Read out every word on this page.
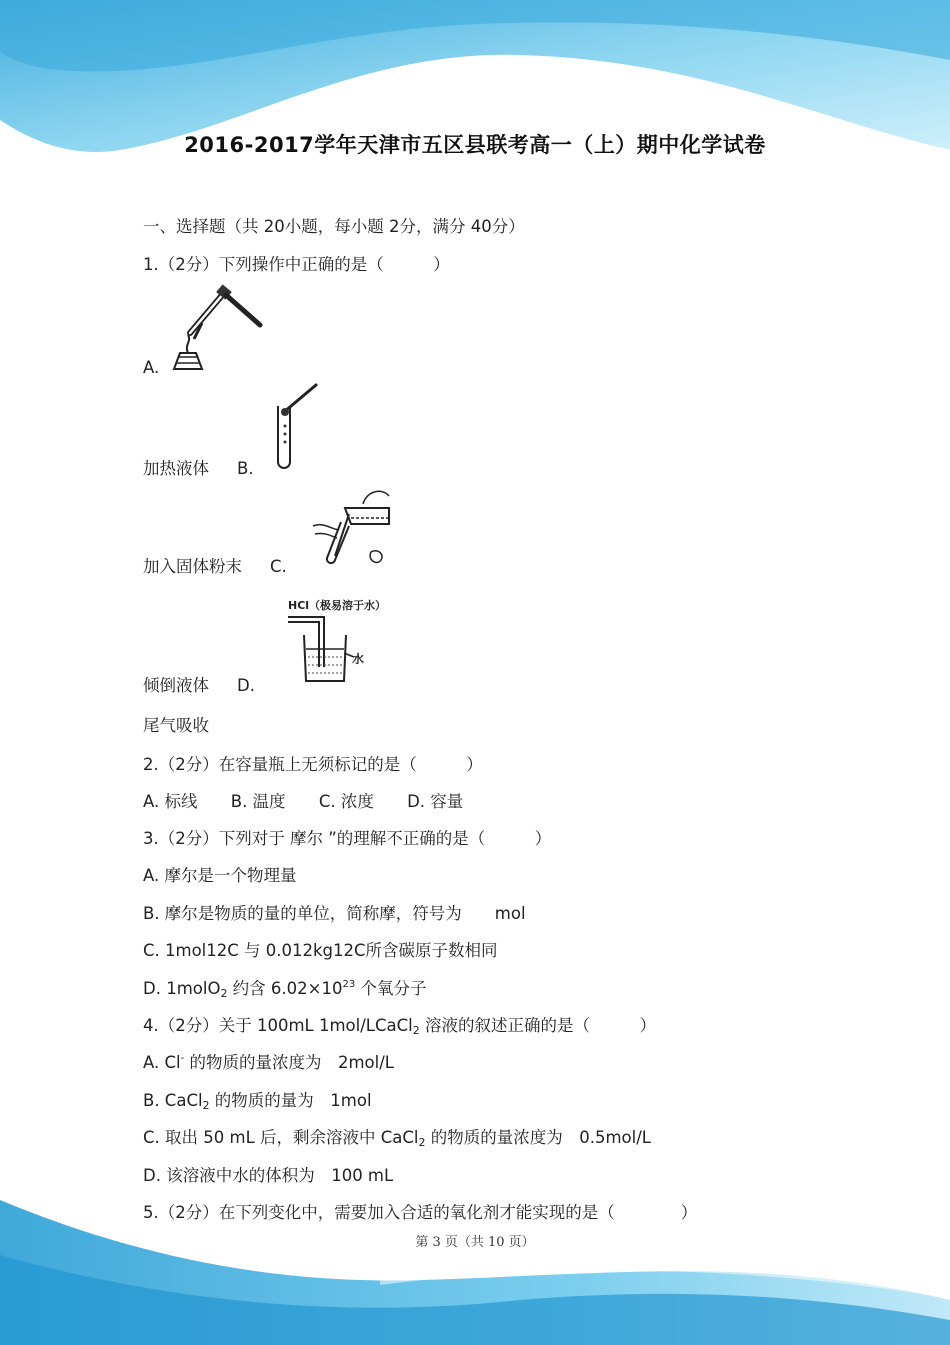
2016-2017学年天津市五区县联考高一（上）期中化学试卷
一、选择题（共 20小题，每小题 2分，满分 40分）
1.（2分）下列操作中正确的是（　　　）
A.
加热液体 B.
加入固体粉末 C.
HCl（极易溶于水）
水
倾倒液体 D.
尾气吸收
2.（2分）在容量瓶上无须标记的是（　　　）
A. 标线 B. 温度 C. 浓度 D. 容量
3.（2分）下列对于 摩尔 ”的理解不正确的是（　　　）
A. 摩尔是一个物理量
B. 摩尔是物质的量的单位，简称摩，符号为　　mol
C. 1mol12C 与 0.012kg12C所含碳原子数相同
D. 1molO$_2$ 约含 $6.02\times 10^{23}$ 个氧分子
4.（2分）关于 100mL 1mol/LCaCl$_2$ 溶液的叙述正确的是（　　　）
A. Cl- 的物质的量浓度为　2mol/L
B. CaCl$_2$ 的物质的量为　1mol
C. 取出 50 mL 后，剩余溶液中 CaCl$_2$ 的物质的量浓度为　0.5mol/L
D. 该溶液中水的体积为　100 mL
5.（2分）在下列变化中，需要加入合适的氧化剂才能实现的是（　　　　）
第 3 页（共 10 页）
